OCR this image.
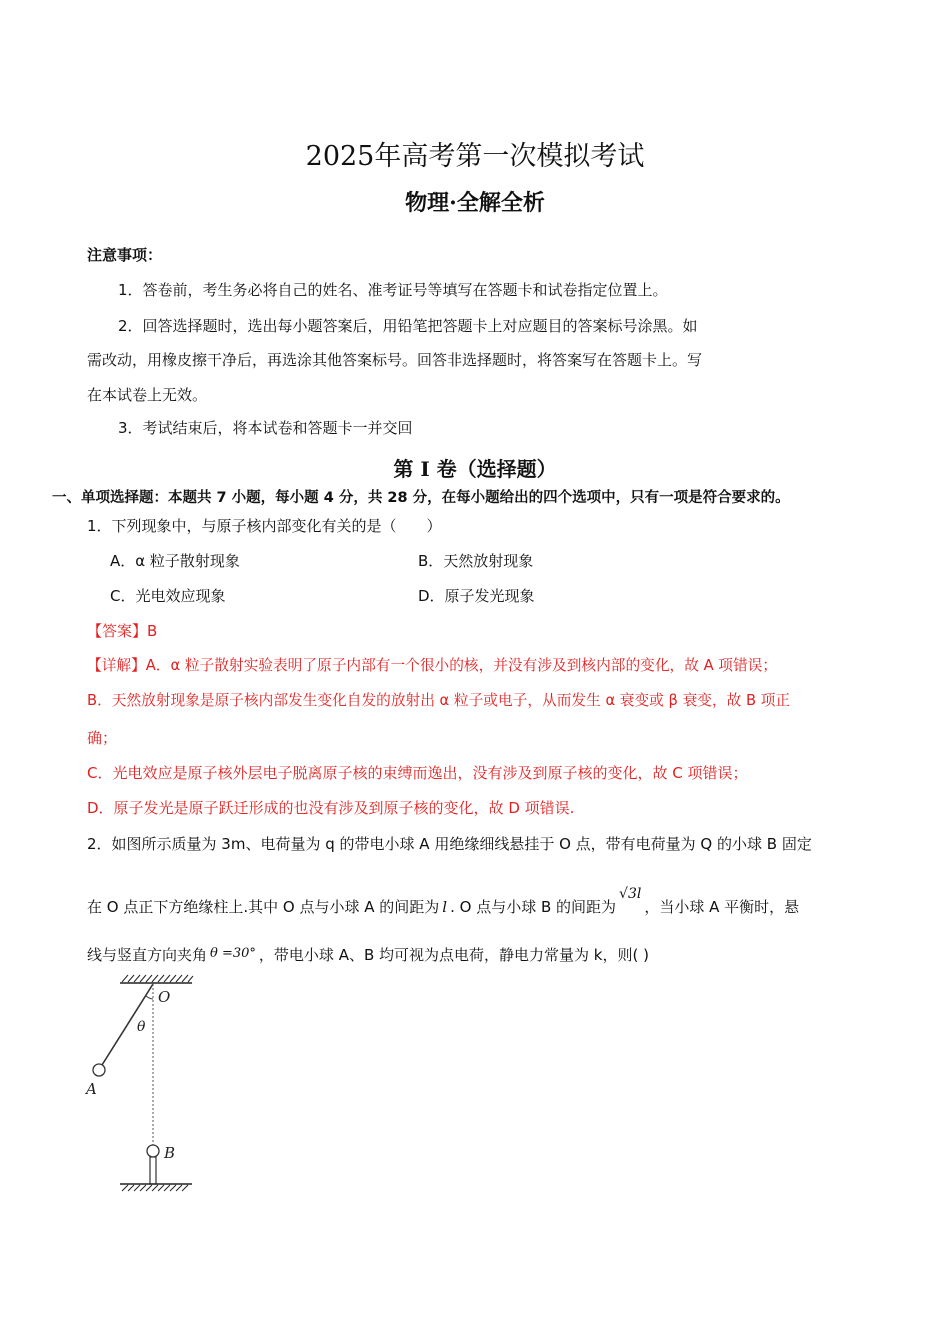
2025年高考第一次模拟考试
物理·全解全析
注意事项：
1．答卷前，考生务必将自己的姓名、准考证号等填写在答题卡和试卷指定位置上。
2．回答选择题时，选出每小题答案后，用铅笔把答题卡上对应题目的答案标号涂黑。如
需改动，用橡皮擦干净后，再选涂其他答案标号。回答非选择题时，将答案写在答题卡上。写
在本试卷上无效。
3．考试结束后，将本试卷和答题卡一并交回
第 I 卷（选择题）
一、单项选择题：本题共 7 小题，每小题 4 分，共 28 分，在每小题给出的四个选项中，只有一项是符合要求的。
1．下列现象中，与原子核内部变化有关的是（　　）
A．α 粒子散射现象	B．天然放射现象
C．光电效应现象	D．原子发光现象
【答案】B
【详解】A．α 粒子散射实验表明了原子内部有一个很小的核，并没有涉及到核内部的变化，故 A 项错误；
B．天然放射现象是原子核内部发生变化自发的放射出 α 粒子或电子，从而发生 α 衰变或 β 衰变，故 B 项正
确；
C．光电效应是原子核外层电子脱离原子核的束缚而逸出，没有涉及到原子核的变化，故 C 项错误；
D．原子发光是原子跃迁形成的也没有涉及到原子核的变化，故 D 项错误.
2．如图所示质量为 3m、电荷量为 q 的带电小球 A 用绝缘细线悬挂于 O 点，带有电荷量为 Q 的小球 B 固定
在 O 点正下方绝缘柱上.其中 O 点与小球 A 的间距为 l . O 点与小球 B 的间距为√3l，当小球 A 平衡时，悬
线与竖直方向夹角 θ =30° ，带电小球 A、B 均可视为点电荷，静电力常量为 k，则( )
O
θ
A
B
